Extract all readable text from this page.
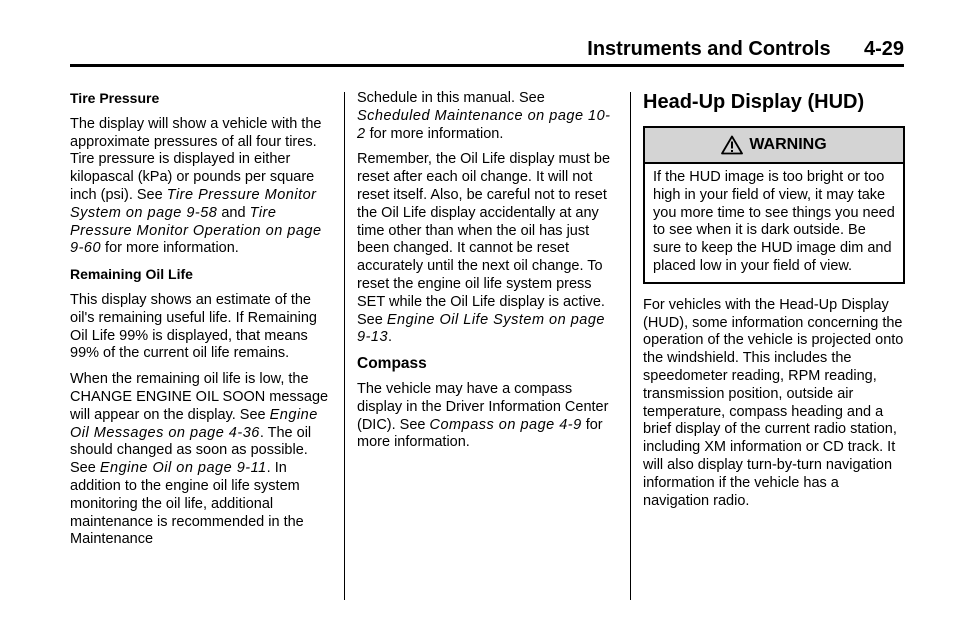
Instruments and Controls 4-29
Tire Pressure

The display will show a vehicle with the approximate pressures of all four tires. Tire pressure is displayed in either kilopascal (kPa) or pounds per square inch (psi). See Tire Pressure Monitor System on page 9-58 and Tire Pressure Monitor Operation on page 9-60 for more information.

Remaining Oil Life

This display shows an estimate of the oil's remaining useful life. If Remaining Oil Life 99% is displayed, that means 99% of the current oil life remains.

When the remaining oil life is low, the CHANGE ENGINE OIL SOON message will appear on the display. See Engine Oil Messages on page 4-36. The oil should changed as soon as possible. See Engine Oil on page 9-11. In addition to the engine oil life system monitoring the oil life, additional maintenance is recommended in the Maintenance

Schedule in this manual. See Scheduled Maintenance on page 10-2 for more information.

Remember, the Oil Life display must be reset after each oil change. It will not reset itself. Also, be careful not to reset the Oil Life display accidentally at any time other than when the oil has just been changed. It cannot be reset accurately until the next oil change. To reset the engine oil life system press SET while the Oil Life display is active. See Engine Oil Life System on page 9-13.

Compass

The vehicle may have a compass display in the Driver Information Center (DIC). See Compass on page 4-9 for more information.

Head-Up Display (HUD)
WARNING
If the HUD image is too bright or too high in your field of view, it may take you more time to see things you need to see when it is dark outside. Be sure to keep the HUD image dim and placed low in your field of view.

For vehicles with the Head-Up Display (HUD), some information concerning the operation of the vehicle is projected onto the windshield. This includes the speedometer reading, RPM reading, transmission position, outside air temperature, compass heading and a brief display of the current radio station, including XM information or CD track. It will also display turn-by-turn navigation information if the vehicle has a navigation radio.
